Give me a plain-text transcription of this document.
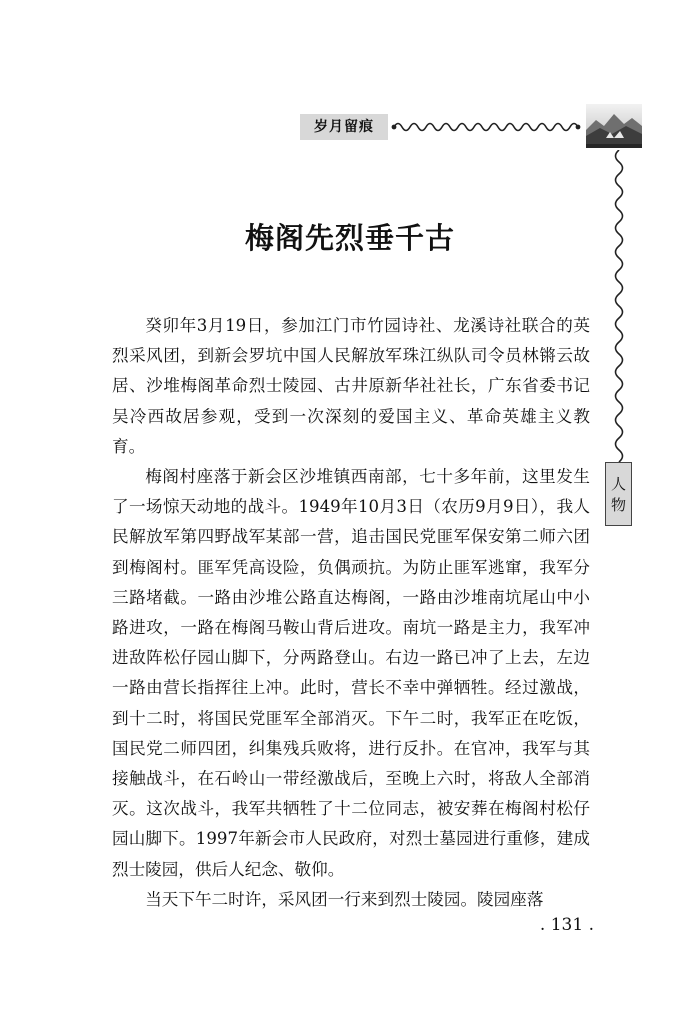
岁月留痕
人物
梅阁先烈垂千古

癸卯年3月19日，参加江门市竹园诗社、龙溪诗社联合的英烈采风团，到新会罗坑中国人民解放军珠江纵队司令员林锵云故居、沙堆梅阁革命烈士陵园、古井原新华社社长，广东省委书记吴冷西故居参观，受到一次深刻的爱国主义、革命英雄主义教育。

梅阁村座落于新会区沙堆镇西南部，七十多年前，这里发生了一场惊天动地的战斗。1949年10月3日（农历9月9日），我人民解放军第四野战军某部一营，追击国民党匪军保安第二师六团到梅阁村。匪军凭高设险，负偶顽抗。为防止匪军逃窜，我军分三路堵截。一路由沙堆公路直达梅阁，一路由沙堆南坑尾山中小路进攻，一路在梅阁马鞍山背后进攻。南坑一路是主力，我军冲进敌阵松仔园山脚下，分两路登山。右边一路已冲了上去，左边一路由营长指挥往上冲。此时，营长不幸中弹牺牲。经过激战，到十二时，将国民党匪军全部消灭。下午二时，我军正在吃饭，国民党二师四团，纠集残兵败将，进行反扑。在官冲，我军与其接触战斗，在石岭山一带经激战后，至晚上六时，将敌人全部消灭。这次战斗，我军共牺牲了十二位同志，被安葬在梅阁村松仔园山脚下。1997年新会市人民政府，对烈士墓园进行重修，建成烈士陵园，供后人纪念、敬仰。

当天下午二时许，采风团一行来到烈士陵园。陵园座落

. 131 .
